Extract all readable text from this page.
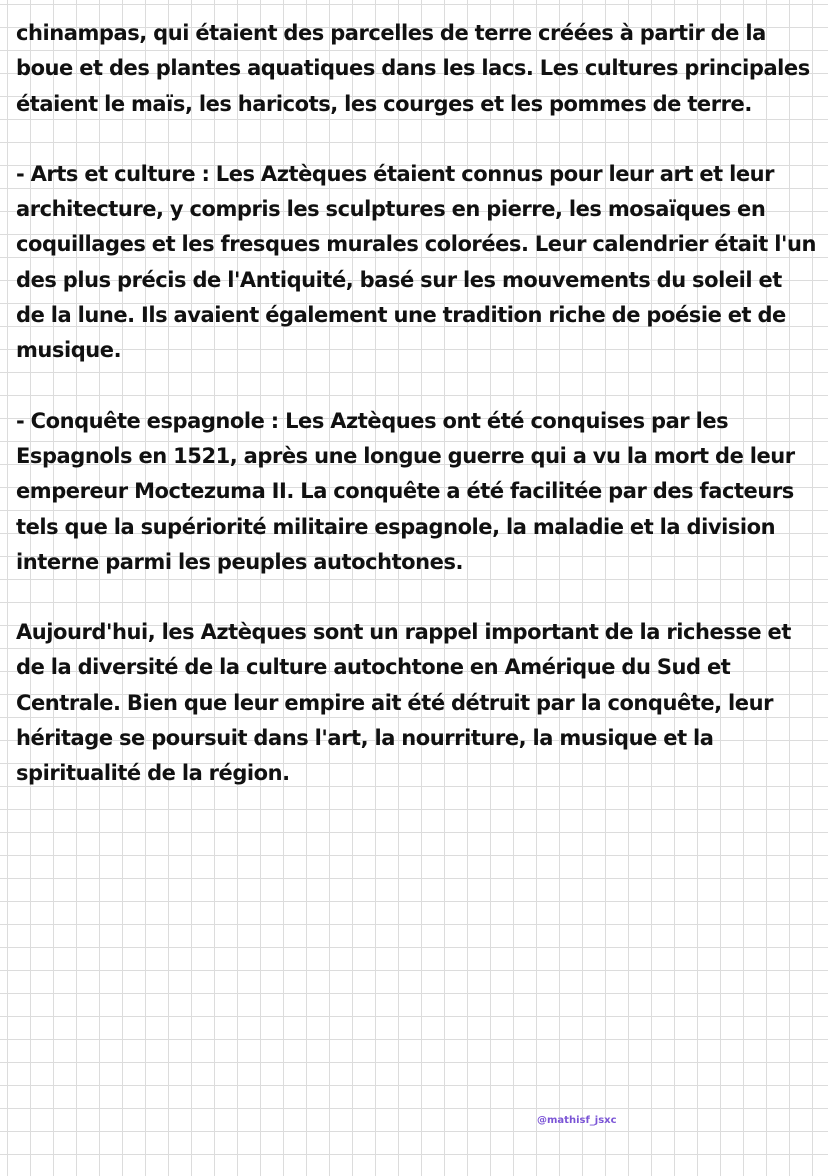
chinampas, qui étaient des parcelles de terre créées à partir de la boue et des plantes aquatiques dans les lacs. Les cultures principales étaient le maïs, les haricots, les courges et les pommes de terre.

- Arts et culture : Les Aztèques étaient connus pour leur art et leur architecture, y compris les sculptures en pierre, les mosaïques en coquillages et les fresques murales colorées. Leur calendrier était l'un des plus précis de l'Antiquité, basé sur les mouvements du soleil et de la lune. Ils avaient également une tradition riche de poésie et de musique.

- Conquête espagnole : Les Aztèques ont été conquises par les Espagnols en 1521, après une longue guerre qui a vu la mort de leur empereur Moctezuma II. La conquête a été facilitée par des facteurs tels que la supériorité militaire espagnole, la maladie et la division interne parmi les peuples autochtones.

Aujourd'hui, les Aztèques sont un rappel important de la richesse et de la diversité de la culture autochtone en Amérique du Sud et Centrale. Bien que leur empire ait été détruit par la conquête, leur héritage se poursuit dans l'art, la nourriture, la musique et la spiritualité de la région.

@mathisf_jsxc
